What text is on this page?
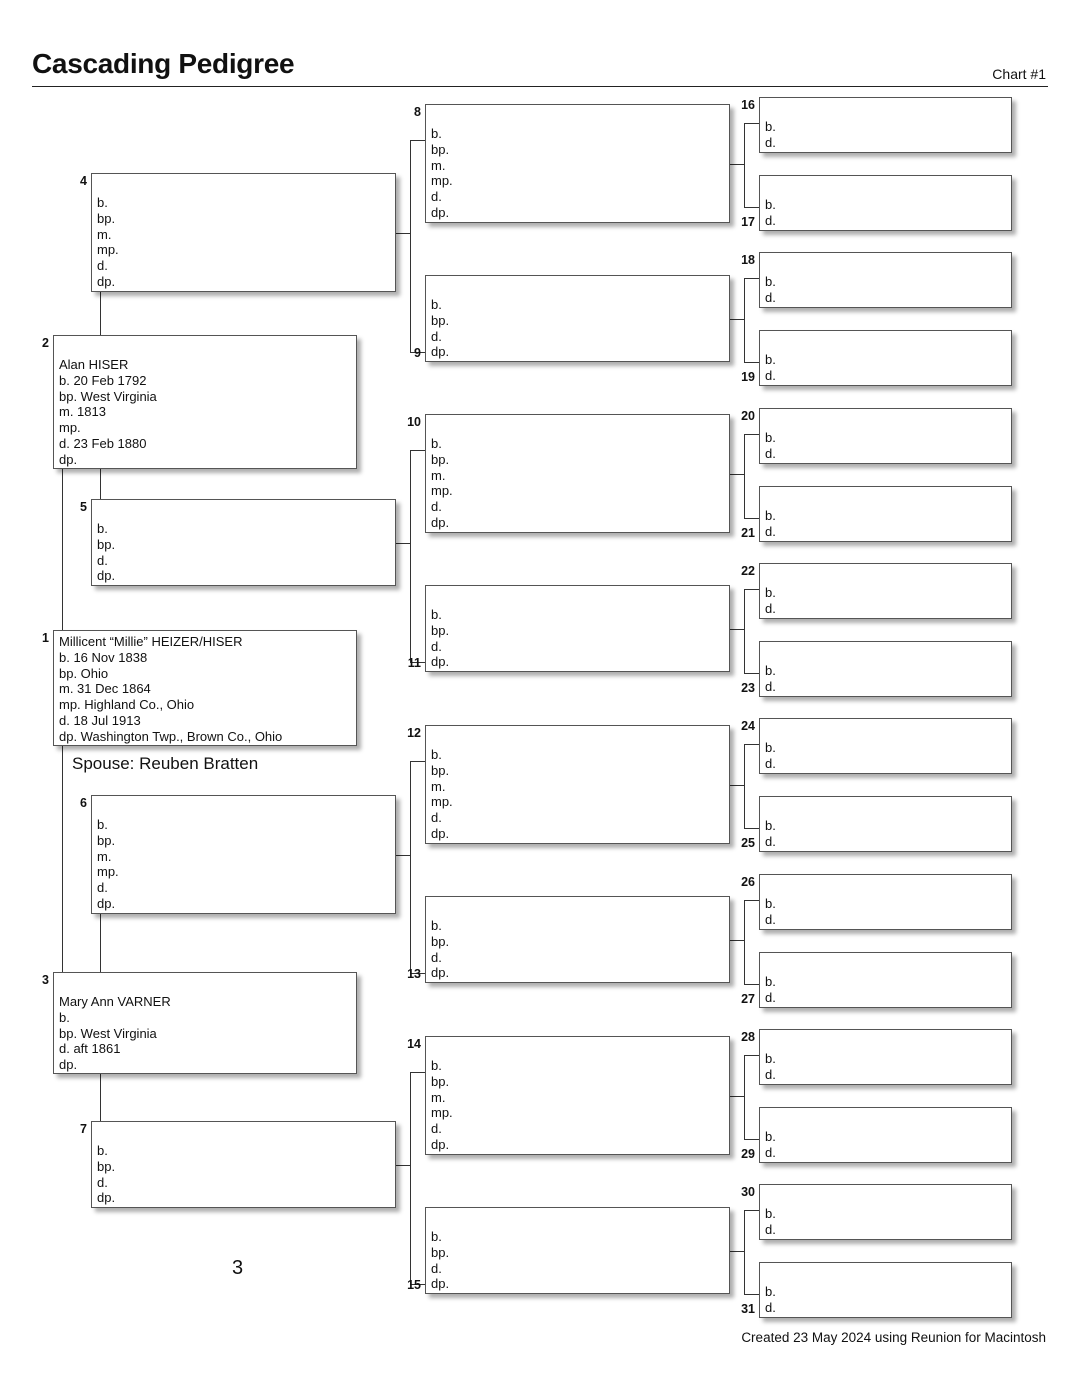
Cascading Pedigree	Chart #1
Millicent “Millie” HEIZER/HISER
b. 16 Nov 1838
bp. Ohio
m. 31 Dec 1864
mp. Highland Co., Ohio
d. 18 Jul 1913
dp. Washington Twp., Brown Co., Ohio
1
Alan HISER
b. 20 Feb 1792
bp. West Virginia
m. 1813
mp.
d. 23 Feb 1880
dp.
2
Mary Ann VARNER
b.
bp. West Virginia
d. aft 1861
dp.
3
b.
bp.
m.
mp.
d.
dp.
4
b.
bp.
d.
dp.
5
b.
bp.
m.
mp.
d.
dp.
6
b.
bp.
d.
dp.
7
b.
bp.
m.
mp.
d.
dp.
8
b.
bp.
d.
dp.
9
b.
bp.
m.
mp.
d.
dp.
10
b.
bp.
d.
dp.
11
b.
bp.
m.
mp.
d.
dp.
12
b.
bp.
d.
dp.
13
b.
bp.
m.
mp.
d.
dp.
14
b.
bp.
d.
dp.
15
b.
d.
16
b.
d.
17
b.
d.
18
b.
d.
19
b.
d.
20
b.
d.
21
b.
d.
22
b.
d.
23
b.
d.
24
b.
d.
25
b.
d.
26
b.
d.
27
b.
d.
28
b.
d.
29
b.
d.
30
b.
d.
31
Spouse: Reuben Bratten
3
Created 23 May 2024 using Reunion for Macintosh
